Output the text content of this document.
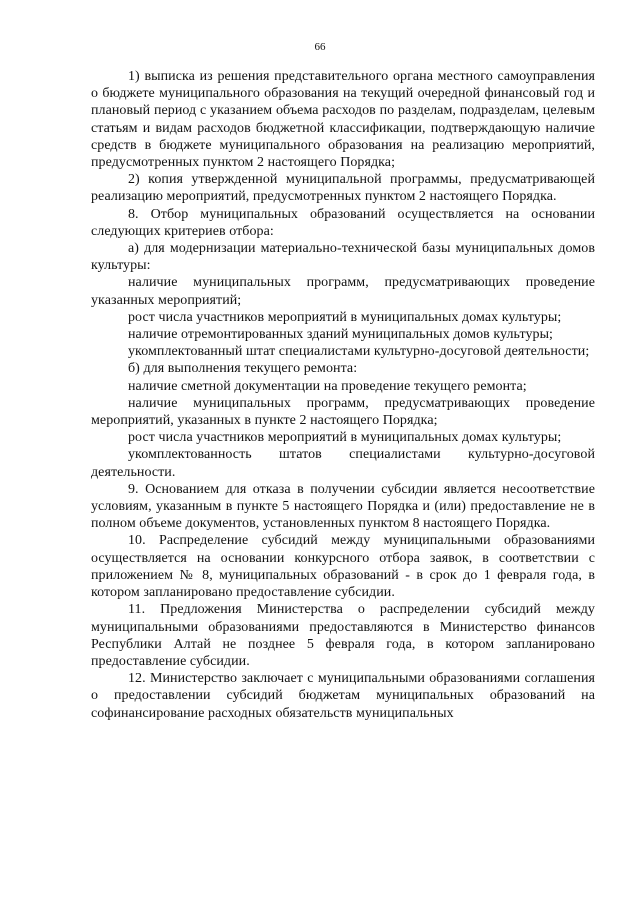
66

1) выписка из решения представительного органа местного самоуправления о бюджете муниципального образования на текущий очередной финансовый год и плановый период с указанием объема расходов по разделам, подразделам, целевым статьям и видам расходов бюджетной классификации, подтверждающую наличие средств в бюджете муниципального образования на реализацию мероприятий, предусмотренных пунктом 2 настоящего Порядка;

2) копия утвержденной муниципальной программы, предусматривающей реализацию мероприятий, предусмотренных пунктом 2 настоящего Порядка.

8. Отбор муниципальных образований осуществляется на основании следующих критериев отбора:

а) для модернизации материально-технической базы муниципальных домов культуры:

наличие муниципальных программ, предусматривающих проведение указанных мероприятий;

рост числа участников мероприятий в муниципальных домах культуры;

наличие отремонтированных зданий муниципальных домов культуры;

укомплектованный штат специалистами культурно-досуговой деятельности;

б) для выполнения текущего ремонта:

наличие сметной документации на проведение текущего ремонта;

наличие муниципальных программ, предусматривающих проведение мероприятий, указанных в пункте 2 настоящего Порядка;

рост числа участников мероприятий в муниципальных домах культуры;

укомплектованность штатов специалистами культурно-досуговой деятельности.

9. Основанием для отказа в получении субсидии является несоответствие условиям, указанным в пункте 5 настоящего Порядка и (или) предоставление не в полном объеме документов, установленных пунктом 8 настоящего Порядка.

10. Распределение субсидий между муниципальными образованиями осуществляется на основании конкурсного отбора заявок, в соответствии с приложением № 8, муниципальных образований - в срок до 1 февраля года, в котором запланировано предоставление субсидии.

11. Предложения Министерства о распределении субсидий между муниципальными образованиями предоставляются в Министерство финансов Республики Алтай не позднее 5 февраля года, в котором запланировано предоставление субсидии.

12. Министерство заключает с муниципальными образованиями соглашения о предоставлении субсидий бюджетам муниципальных образований на софинансирование расходных обязательств муниципальных
